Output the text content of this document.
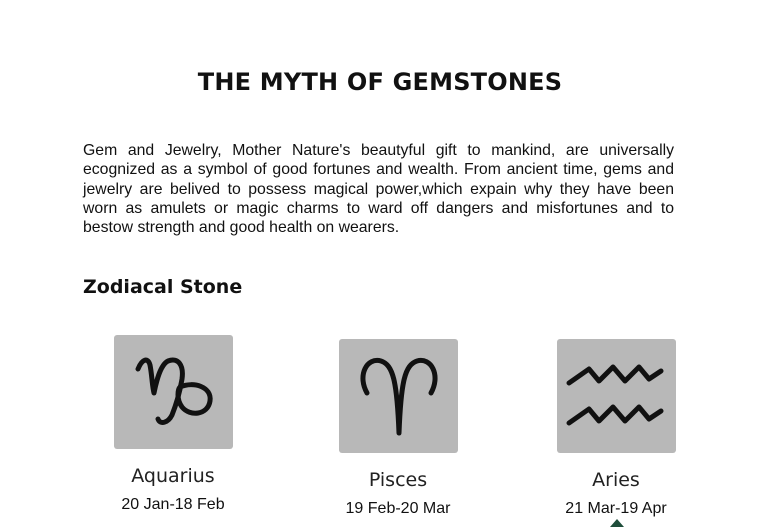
THE MYTH OF GEMSTONES

Gem and Jewelry, Mother Nature's beautyful gift to mankind, are universally ecognized as a symbol of good fortunes and wealth. From ancient time, gems and jewelry are belived to possess magical power,which expain why they have been worn as amulets or magic charms to ward off dangers and misfortunes and to bestow strength and good health on wearers.

Zodiacal Stone
Aquarius
20 Jan-18 Feb
Pisces
19 Feb-20 Mar
Aries
21 Mar-19 Apr
